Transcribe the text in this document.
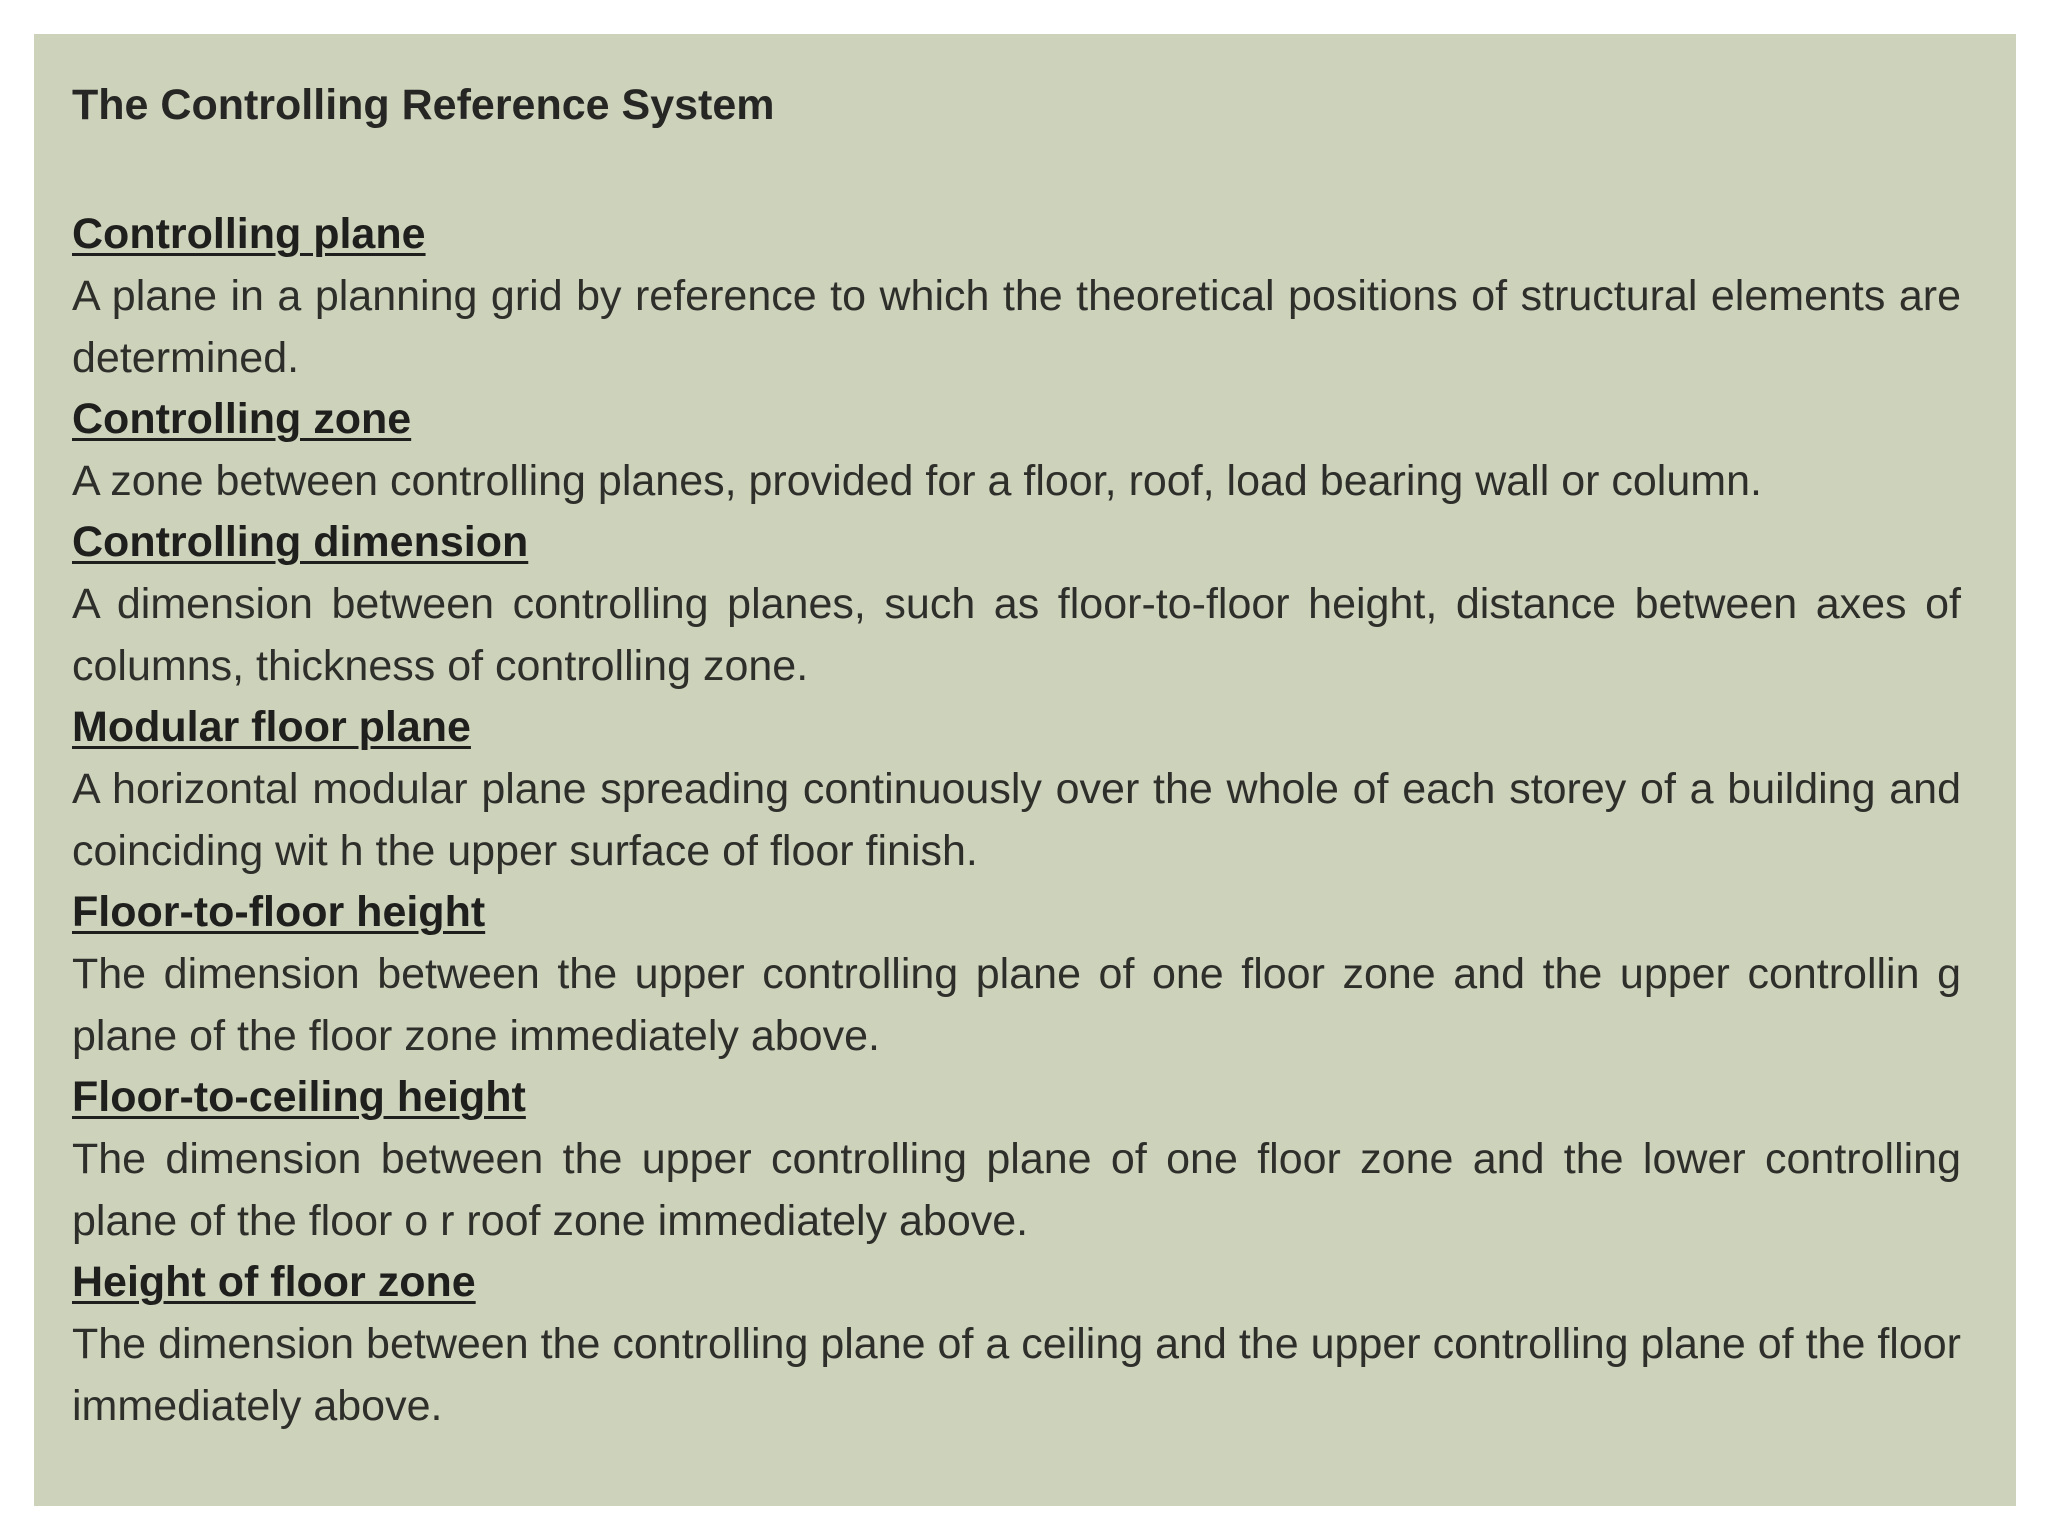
The Controlling Reference System

Controlling plane

A plane in a planning grid by reference to which the theoretical positions of structural elements are determined.

Controlling zone

A zone between controlling planes, provided for a floor, roof, load bearing wall or column.

Controlling dimension

A dimension between controlling planes, such as floor-to-floor height, distance between axes of columns, thickness of controlling zone.

Modular floor plane

A horizontal modular plane spreading continuously over the whole of each storey of a building and coinciding wit h the upper surface of floor finish.

Floor-to-floor height

The dimension between the upper controlling plane of one floor zone and the upper controllin g plane of the floor zone immediately above.

Floor-to-ceiling height

The dimension between the upper controlling plane of one floor zone and the lower controlling plane of the floor o r roof zone immediately above.

Height of floor zone

The dimension between the controlling plane of a ceiling and the upper controlling plane of the floor immediately above.
